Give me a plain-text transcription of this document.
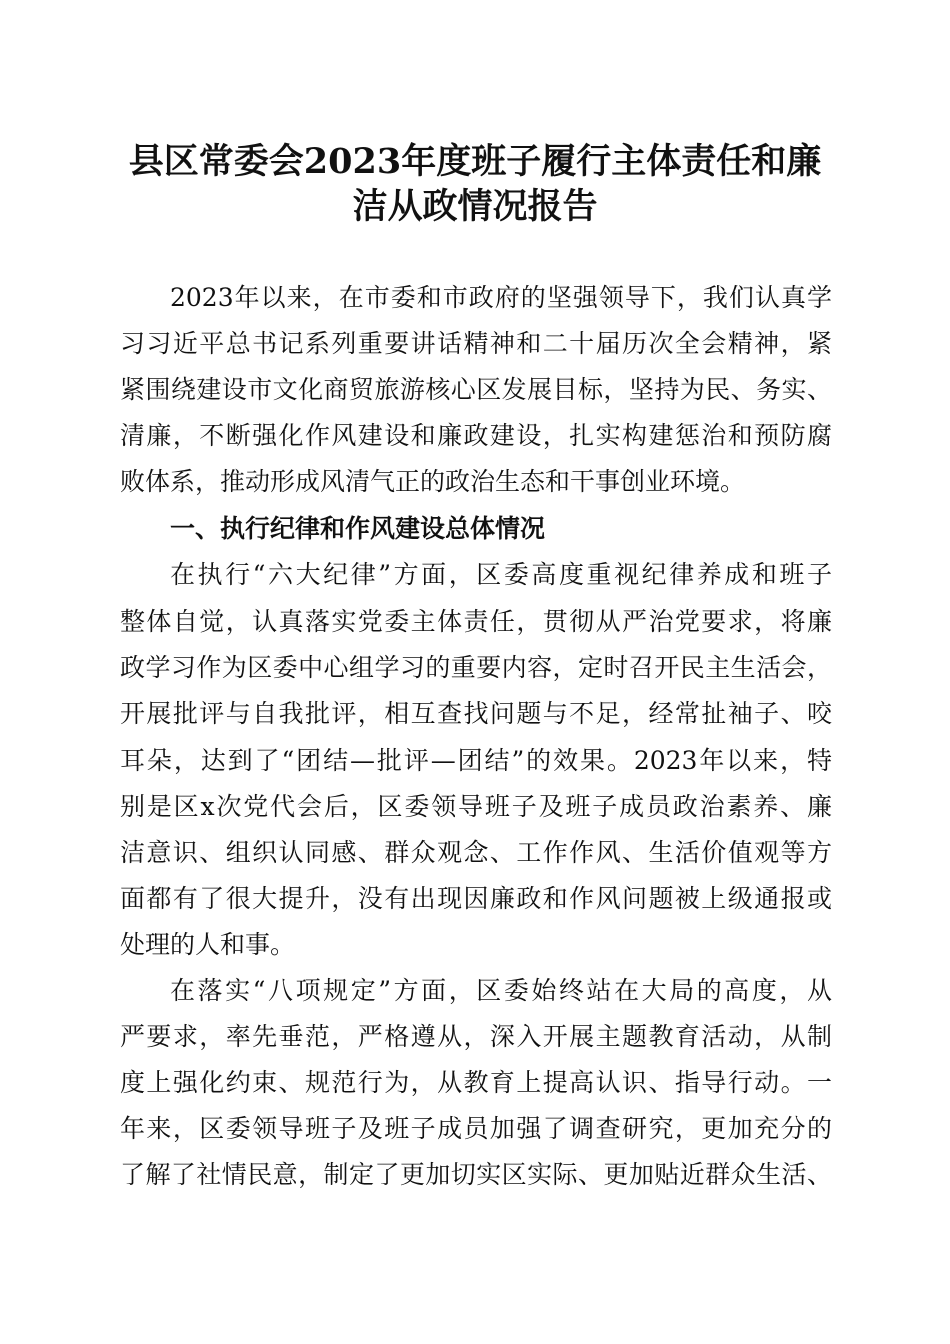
县区常委会2023年度班子履行主体责任和廉
洁从政情况报告
2023年以来，在市委和市政府的坚强领导下，我们认真学
习习近平总书记系列重要讲话精神和二十届历次全会精神，紧
紧围绕建设市文化商贸旅游核心区发展目标，坚持为民、务实、
清廉，不断强化作风建设和廉政建设，扎实构建惩治和预防腐
败体系，推动形成风清气正的政治生态和干事创业环境。
一、执行纪律和作风建设总体情况
在执行“六大纪律”方面，区委高度重视纪律养成和班子
整体自觉，认真落实党委主体责任，贯彻从严治党要求，将廉
政学习作为区委中心组学习的重要内容，定时召开民主生活会，
开展批评与自我批评，相互查找问题与不足，经常扯袖子、咬
耳朵，达到了“团结—批评—团结”的效果。2023年以来，特
别是区x次党代会后，区委领导班子及班子成员政治素养、廉
洁意识、组织认同感、群众观念、工作作风、生活价值观等方
面都有了很大提升，没有出现因廉政和作风问题被上级通报或
处理的人和事。
在落实“八项规定”方面，区委始终站在大局的高度，从
严要求，率先垂范，严格遵从，深入开展主题教育活动，从制
度上强化约束、规范行为，从教育上提高认识、指导行动。一
年来，区委领导班子及班子成员加强了调查研究，更加充分的
了解了社情民意，制定了更加切实区实际、更加贴近群众生活、
